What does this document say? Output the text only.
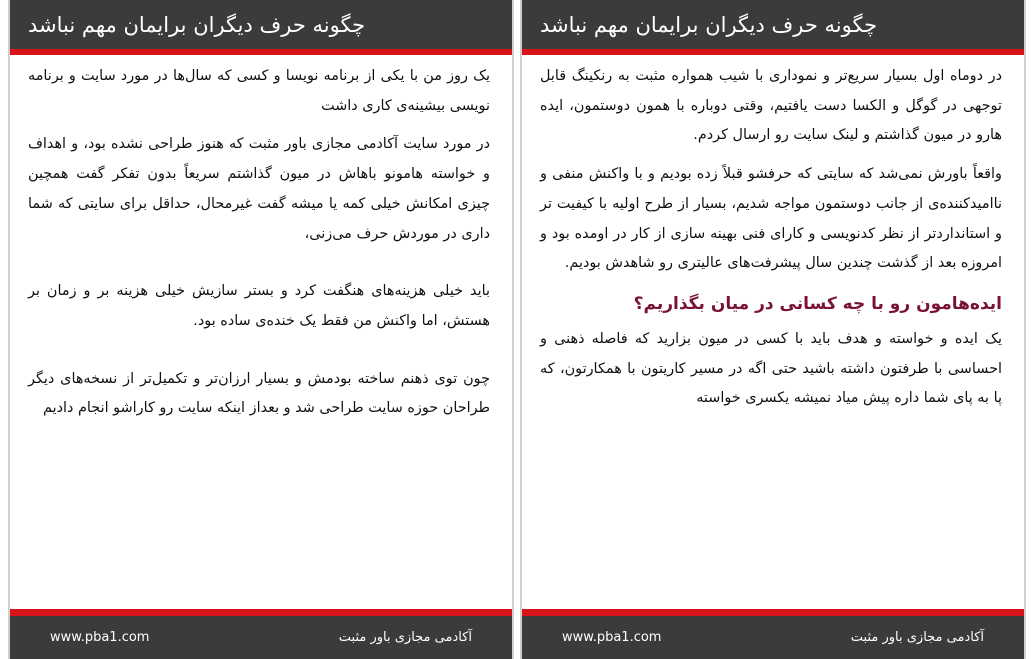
چگونه حرف دیگران برایمان مهم نباشد

در دوماه اول بسیار سریع‌تر و نموداری با شیب همواره مثبت به رنکینگ قابل توجهی در گوگل و الکسا دست یافتیم، وقتی دوباره با همون دوستمون، ایده هارو در میون گذاشتم و لینک سایت رو ارسال کردم.

واقعاً باورش نمی‌شد که سایتی که حرفشو قبلاً زده بودیم و با واکنش منفی و ناامیدکننده‌ی از جانب دوستمون مواجه شدیم، بسیار از طرح اولیه با کیفیت تر و استانداردتر از نظر کدنویسی و کارای فنی بهینه سازی از کار در اومده بود و امروزه بعد از گذشت چندین سال پیشرفت‌های عالیتری رو شاهدش بودیم.

ایده‌هامون رو با چه کسانی در میان بگذاریم؟

یک ایده و خواسته و هدف باید با کسی در میون بزارید که فاصله ذهنی و احساسی با طرفتون داشته باشید حتی اگه در مسیر کاریتون با همکارتون، که پا به پای شما داره پیش میاد نمیشه یکسری خواسته

www.pba1.com	آکادمی مجازی باور مثبت
چگونه حرف دیگران برایمان مهم نباشد

یک روز من با یکی از برنامه نویسا و کسی که سال‌ها در مورد سایت و برنامه نویسی بیشینه‌ی کاری داشت

در مورد سایت آکادمی مجازی باور مثبت که هنوز طراحی نشده بود، و اهداف و خواسته هامونو باهاش در میون گذاشتم سریعاً بدون تفکر گفت همچین چیزی امکانش خیلی کمه یا میشه گفت غیرمحال، حداقل برای سایتی که شما داری در موردش حرف می‌زنی،

باید خیلی هزینه‌های هنگفت کرد و بستر سازیش خیلی هزینه بر و زمان بر هستش، اما واکنش من فقط یک خنده‌ی ساده بود.

چون توی ذهنم ساخته بودمش و بسیار ارزان‌تر و تکمیل‌تر از نسخه‌های دیگر طراحان حوزه سایت طراحی شد و بعداز اینکه سایت رو کاراشو انجام دادیم

www.pba1.com	آکادمی مجازی باور مثبت
